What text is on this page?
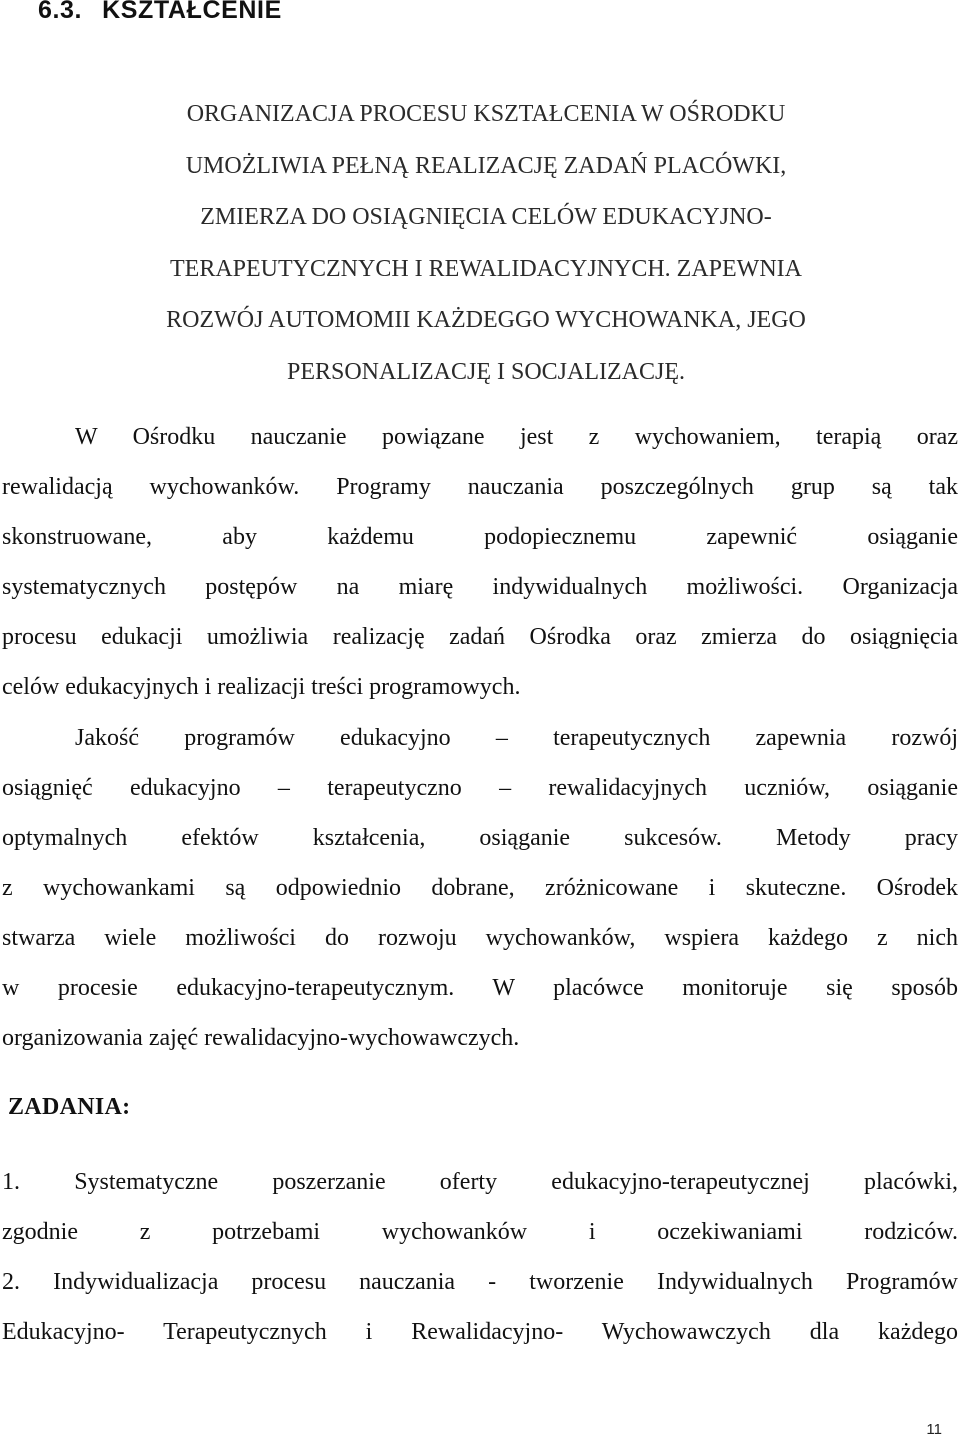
6.3. KSZTAŁCENIE
ORGANIZACJA PROCESU KSZTAŁCENIA W OŚRODKU
UMOŻLIWIA PEŁNĄ REALIZACJĘ ZADAŃ PLACÓWKI,
ZMIERZA DO OSIĄGNIĘCIA CELÓW EDUKACYJNO-
TERAPEUTYCZNYCH I REWALIDACYJNYCH. ZAPEWNIA
ROZWÓJ AUTOMOMII KAŻDEGGO WYCHOWANKA, JEGO
PERSONALIZACJĘ I SOCJALIZACJĘ.

W Ośrodku nauczanie powiązane jest z wychowaniem, terapią oraz
rewalidacją wychowanków. Programy nauczania poszczególnych grup są tak
skonstruowane, aby każdemu podopiecznemu zapewnić osiąganie
systematycznych postępów na miarę indywidualnych możliwości. Organizacja
procesu edukacji umożliwia realizację zadań Ośrodka oraz zmierza do osiągnięcia
celów edukacyjnych i realizacji treści programowych.

Jakość programów edukacyjno – terapeutycznych zapewnia rozwój
osiągnięć edukacyjno – terapeutyczno – rewalidacyjnych uczniów, osiąganie
optymalnych efektów kształcenia, osiąganie sukcesów. Metody pracy
z wychowankami są odpowiednio dobrane, zróżnicowane i skuteczne. Ośrodek
stwarza wiele możliwości do rozwoju wychowanków, wspiera każdego z nich
w procesie edukacyjno-terapeutycznym. W placówce monitoruje się sposób
organizowania zajęć rewalidacyjno-wychowawczych.

ZADANIA:
1. Systematyczne poszerzanie oferty edukacyjno-terapeutycznej placówki,
zgodnie z potrzebami wychowanków i oczekiwaniami rodziców.
2. Indywidualizacja procesu nauczania - tworzenie Indywidualnych Programów
Edukacyjno- Terapeutycznych i Rewalidacyjno- Wychowawczych dla każdego
11
